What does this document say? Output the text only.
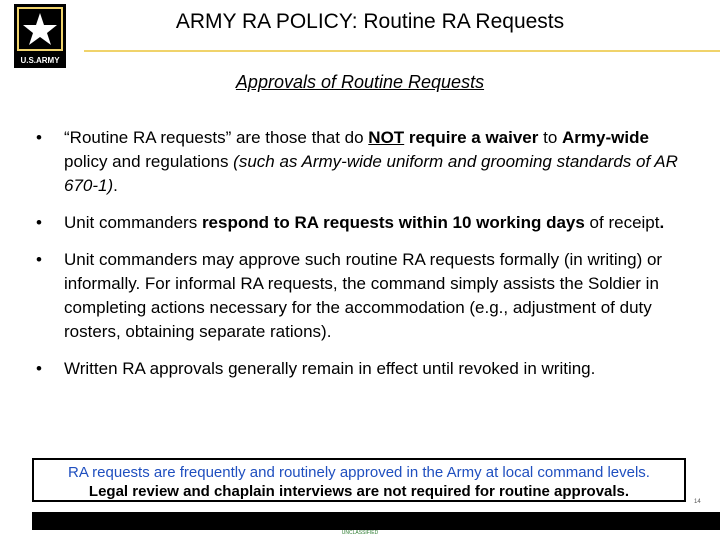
U.S.ARMY
ARMY RA POLICY: Routine RA Requests
Approvals of Routine Requests
• “Routine RA requests” are those that do NOT require a waiver to Army-wide policy and regulations (such as Army-wide uniform and grooming standards of AR 670-1).
• Unit commanders respond to RA requests within 10 working days of receipt.
• Unit commanders may approve such routine RA requests formally (in writing) or informally. For informal RA requests, the command simply assists the Soldier in completing actions necessary for the accommodation (e.g., adjustment of duty rosters, obtaining separate rations).
• Written RA approvals generally remain in effect until revoked in writing.
RA requests are frequently and routinely approved in the Army at local command levels.
Legal review and chaplain interviews are not required for routine approvals.
14
UNCLASSIFIED
